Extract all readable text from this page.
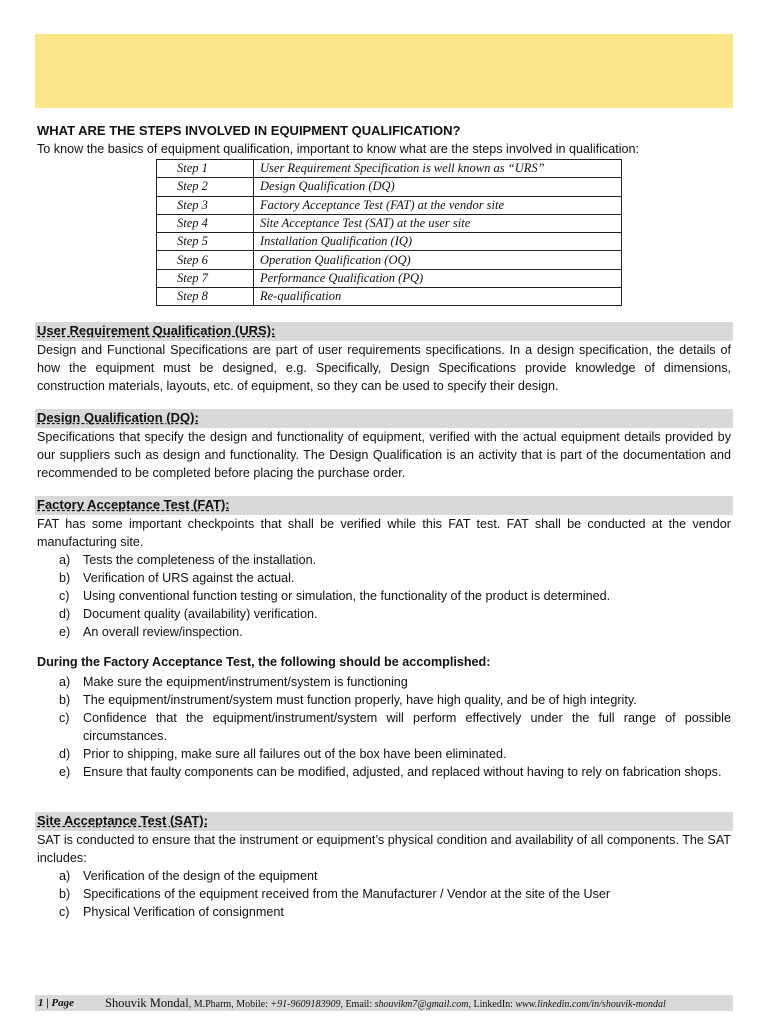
WHAT ARE THE STEPS INVOLVED IN EQUIPMENT QUALIFICATION?
To know the basics of equipment qualification, important to know what are the steps involved in qualification:
Step 1	User Requirement Specification is well known as “URS”
Step 2	Design Qualification (DQ)
Step 3	Factory Acceptance Test (FAT) at the vendor site
Step 4	Site Acceptance Test (SAT) at the user site
Step 5	Installation Qualification (IQ)
Step 6	Operation Qualification (OQ)
Step 7	Performance Qualification (PQ)
Step 8	Re-qualification
User Requirement Qualification (URS):
Design and Functional Specifications are part of user requirements specifications. In a design specification, the details of how the equipment must be designed, e.g. Specifically, Design Specifications provide knowledge of dimensions, construction materials, layouts, etc. of equipment, so they can be used to specify their design.
Design Qualification (DQ):
Specifications that specify the design and functionality of equipment, verified with the actual equipment details provided by our suppliers such as design and functionality. The Design Qualification is an activity that is part of the documentation and recommended to be completed before placing the purchase order.
Factory Acceptance Test (FAT):
FAT has some important checkpoints that shall be verified while this FAT test. FAT shall be conducted at the vendor manufacturing site.
a) Tests the completeness of the installation.
b) Verification of URS against the actual.
c) Using conventional function testing or simulation, the functionality of the product is determined.
d) Document quality (availability) verification.
e) An overall review/inspection.
During the Factory Acceptance Test, the following should be accomplished:
a) Make sure the equipment/instrument/system is functioning
b) The equipment/instrument/system must function properly, have high quality, and be of high integrity.
c) Confidence that the equipment/instrument/system will perform effectively under the full range of possible circumstances.
d) Prior to shipping, make sure all failures out of the box have been eliminated.
e) Ensure that faulty components can be modified, adjusted, and replaced without having to rely on fabrication shops.
Site Acceptance Test (SAT):
SAT is conducted to ensure that the instrument or equipment’s physical condition and availability of all components. The SAT includes:
a) Verification of the design of the equipment
b) Specifications of the equipment received from the Manufacturer / Vendor at the site of the User
c) Physical Verification of consignment
1 | Page Shouvik Mondal, M.Pharm, Mobile: +91-9609183909, Email: shouvikm7@gmail.com, LinkedIn: www.linkedin.com/in/shouvik-mondal
